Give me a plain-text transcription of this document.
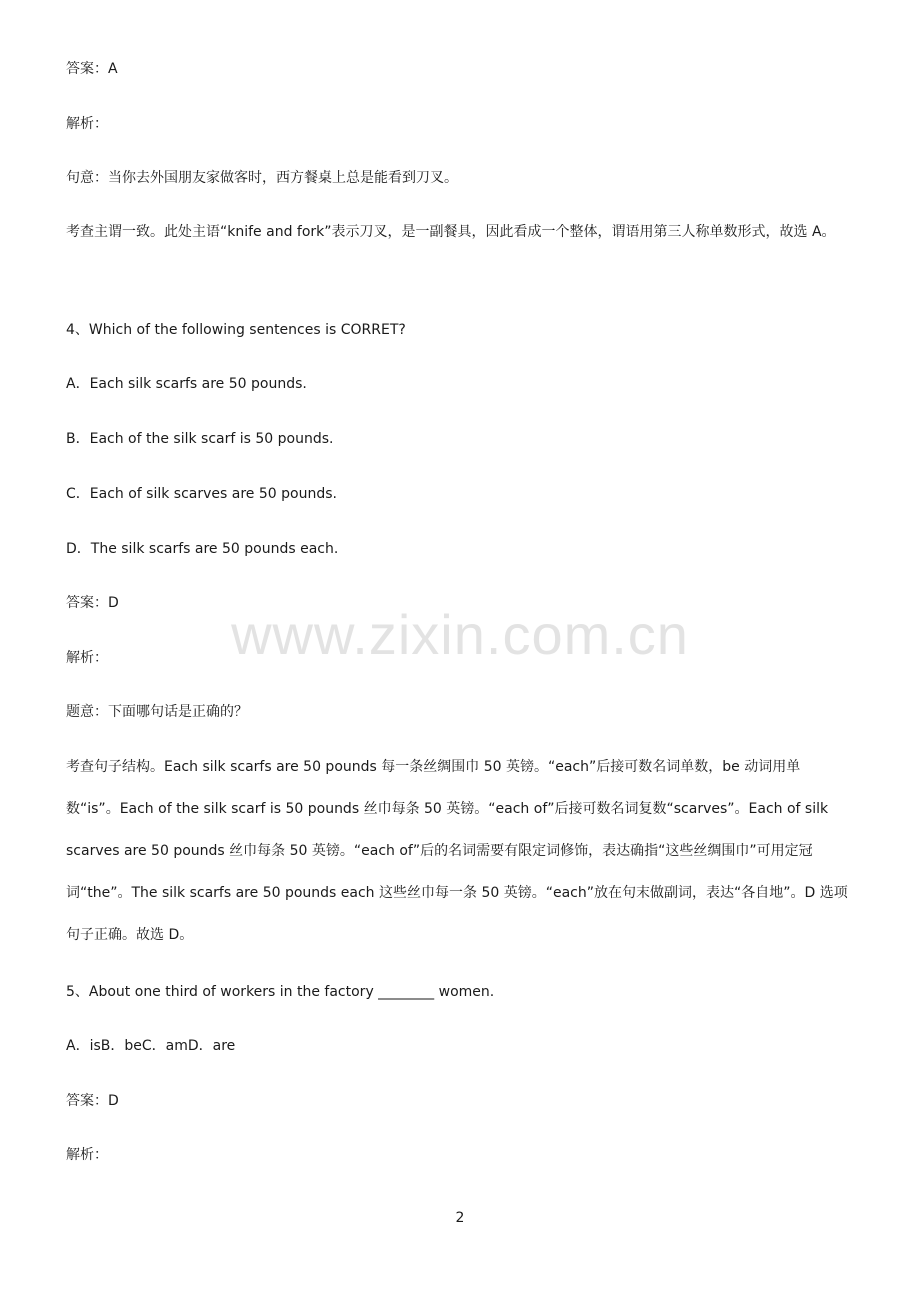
答案：A

解析：

句意：当你去外国朋友家做客时，西方餐桌上总是能看到刀叉。

考查主谓一致。此处主语“knife and fork”表示刀叉，是一副餐具，因此看成一个整体，谓语用第三人称单数形式，故选 A。

4、Which of the following sentences is CORRET?

A．Each silk scarfs are 50 pounds.

B．Each of the silk scarf is 50 pounds.

C．Each of silk scarves are 50 pounds.

D．The silk scarfs are 50 pounds each.

答案：D	www.zixin.com.cn

解析：

题意：下面哪句话是正确的？

考查句子结构。Each silk scarfs are 50 pounds 每一条丝绸围巾 50 英镑。“each”后接可数名词单数，be 动词用单数“is”。Each of the silk scarf is 50 pounds 丝巾每条 50 英镑。“each of”后接可数名词复数“scarves”。Each of silk scarves are 50 pounds 丝巾每条 50 英镑。“each of”后的名词需要有限定词修饰，表达确指“这些丝绸围巾”可用定冠词“the”。The silk scarfs are 50 pounds each 这些丝巾每一条 50 英镑。“each”放在句末做副词，表达“各自地”。D 选项句子正确。故选 D。

5、About one third of workers in the factory ________ women.

A．isB．beC．amD．are

答案：D

解析：

2
